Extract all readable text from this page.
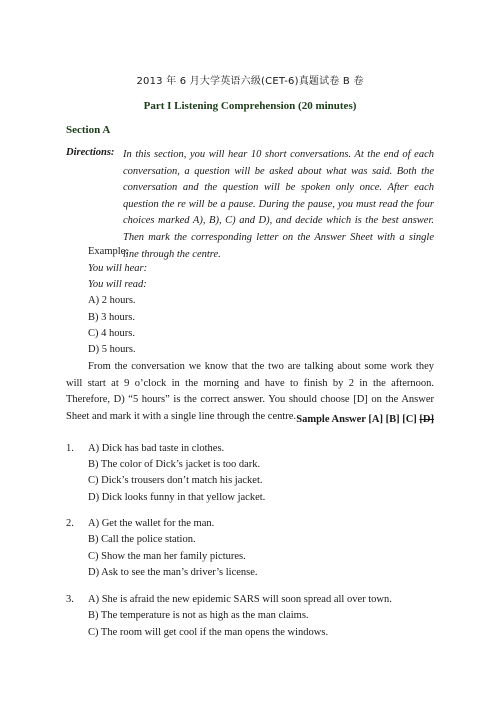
2013 年 6 月大学英语六级(CET-6)真题试卷 B 卷
Part I Listening Comprehension (20 minutes)
Section A
Directions: In this section, you will hear 10 short conversations. At the end of each conversation, a question will be asked about what was said. Both the conversation and the question will be spoken only once. After each question the re will be a pause. During the pause, you must read the four choices marked A), B), C) and D), and decide which is the best answer. Then mark the corresponding letter on the Answer Sheet with a single line through the centre.
Example:
You will hear:
You will read:
A) 2 hours.
B) 3 hours.
C) 4 hours.
D) 5 hours.
From the conversation we know that the two are talking about some work they will start at 9 o’clock in the morning and have to finish by 2 in the afternoon. Therefore, D) “5 hours” is the correct answer. You should choose [D] on the Answer Sheet and mark it with a single line through the centre. Sample Answer [A] [B] [C] [D]
1. A) Dick has bad taste in clothes.
B) The color of Dick’s jacket is too dark.
C) Dick’s trousers don’t match his jacket.
D) Dick looks funny in that yellow jacket.
2. A) Get the wallet for the man.
B) Call the police station.
C) Show the man her family pictures.
D) Ask to see the man’s driver’s license.
3. A) She is afraid the new epidemic SARS will soon spread all over town.
B) The temperature is not as high as the man claims.
C) The room will get cool if the man opens the windows.
